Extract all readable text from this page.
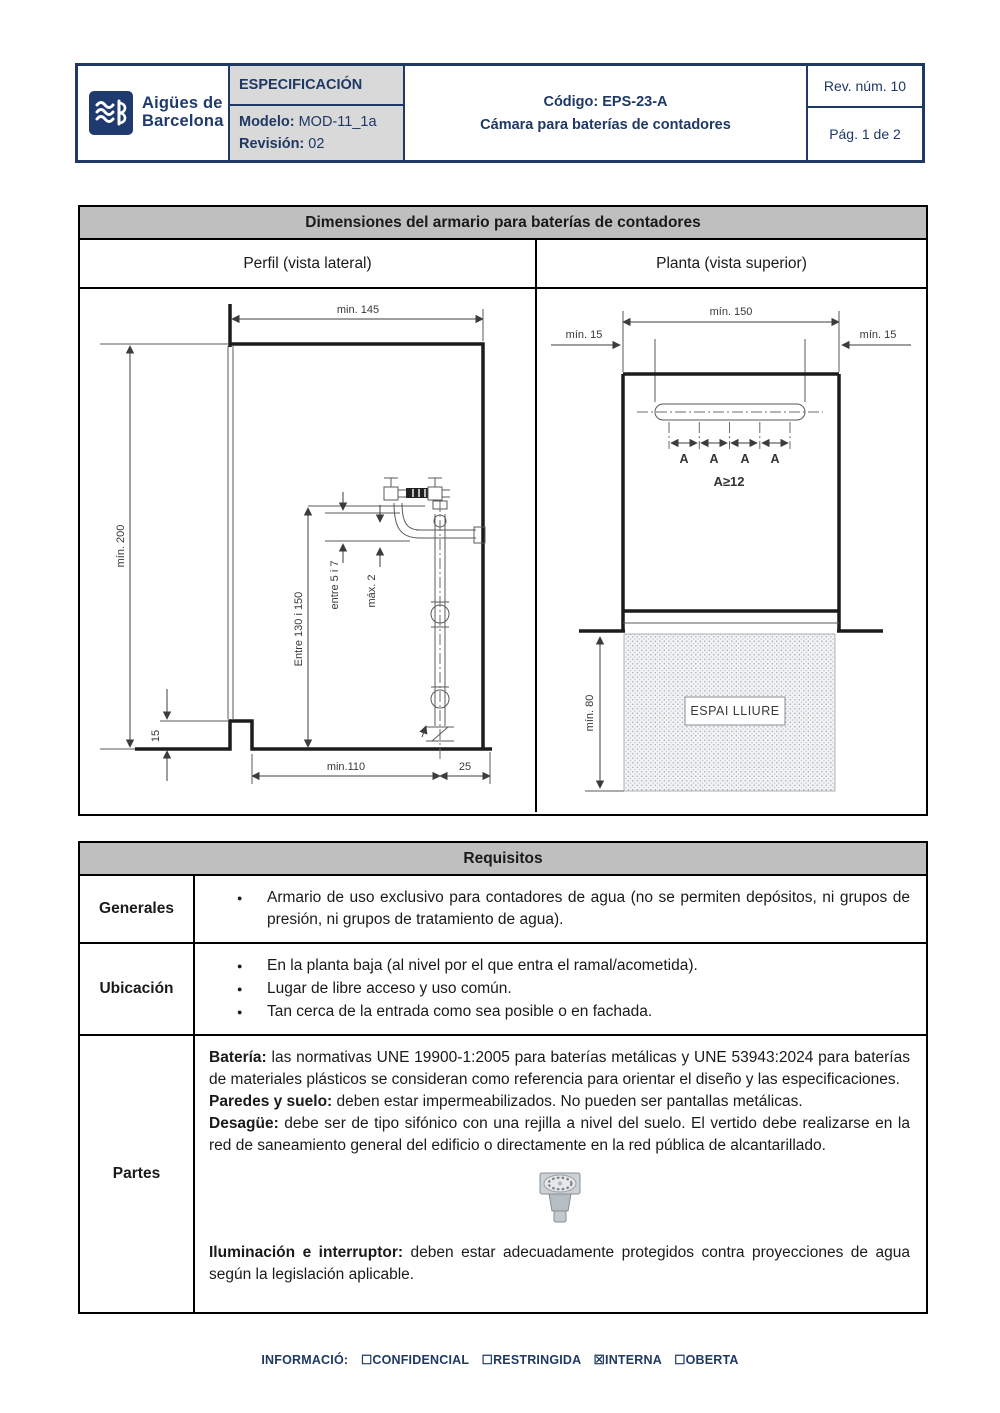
Aigües de
Barcelona
ESPECIFICACIÓN
Modelo: MOD-11_1a
Revisión: 02
Código: EPS-23-A
Cámara para baterías de contadores
Rev. núm. 10
Pág. 1 de 2
Dimensiones del armario para baterías de contadores
Perfil (vista lateral)	Planta (vista superior)
min. 145
mín. 200
Entre 130 i 150
entre 5 i 7 máx. 2
15
min.110	25
mín. 150
mín. 15	mín. 15
A A A A
A≥12
ESPAI LLIURE
mín. 80
Requisitos
Generales
●	Armario de uso exclusivo para contadores de agua (no se permiten depósitos, ni grupos de presión, ni grupos de tratamiento de agua).
Ubicación
●	En la planta baja (al nivel por el que entra el ramal/acometida).
●	Lugar de libre acceso y uso común.
●	Tan cerca de la entrada como sea posible o en fachada.
Partes

Batería: las normativas UNE 19900-1:2005 para baterías metálicas y UNE 53943:2024 para baterías de materiales plásticos se consideran como referencia para orientar el diseño y las especificaciones.

Paredes y suelo: deben estar impermeabilizados. No pueden ser pantallas metálicas.

Desagüe: debe ser de tipo sifónico con una rejilla a nivel del suelo. El vertido debe realizarse en la red de saneamiento general del edificio o directamente en la red pública de alcantarillado.

Iluminación e interruptor: deben estar adecuadamente protegidos contra proyecciones de agua según la legislación aplicable.

INFORMACIÓ: ☐CONFIDENCIAL ☐RESTRINGIDA ☒INTERNA ☐OBERTA
